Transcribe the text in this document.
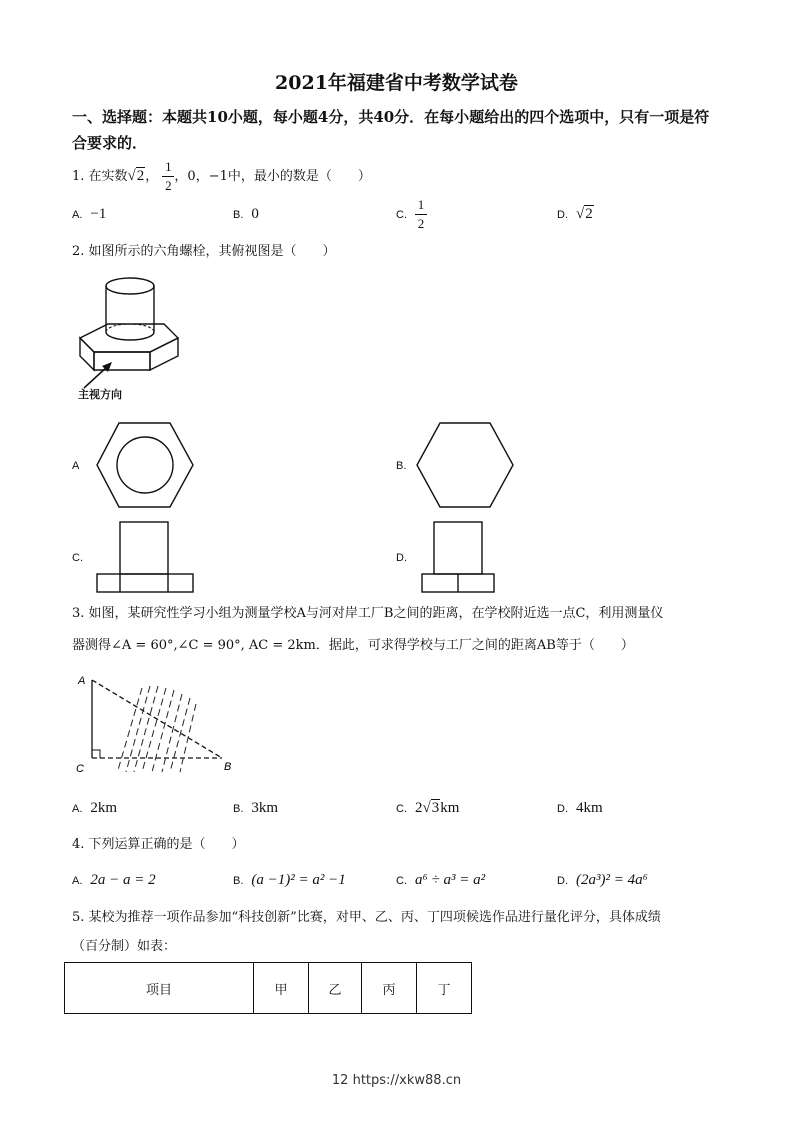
2021年福建省中考数学试卷
一、选择题：本题共10小题，每小题4分，共40分．在每小题给出的四个选项中，只有一项是符合要求的．
1. 在实数√2， $\frac{1}{2}$ ，0，−1中，最小的数是（　　）
A. −1	B. 0	C. $\frac{1}{2}$	D. √2
2. 如图所示的六角螺栓，其俯视图是（　　）
主视方向
A	B.
C.	D.
3. 如图，某研究性学习小组为测量学校A与河对岸工厂B之间的距离，在学校附近选一点C，利用测量仪
器测得∠A = 60°,∠C = 90°, AC = 2km．据此，可求得学校与工厂之间的距离AB等于（　　）
A
C	B
A. 2km	B. 3km	C. 2√3km	D. 4km
4. 下列运算正确的是（　　）
A. 2a − a = 2	B. (a −1)² = a² −1	C. a⁶ ÷ a³ = a²	D. (2a³)² = 4a⁶
5. 某校为推荐一项作品参加“科技创新”比赛，对甲、乙、丙、丁四项候选作品进行量化评分，具体成绩
（百分制）如表：
项目	甲	乙	丙	丁
12 https://xkw88.cn
